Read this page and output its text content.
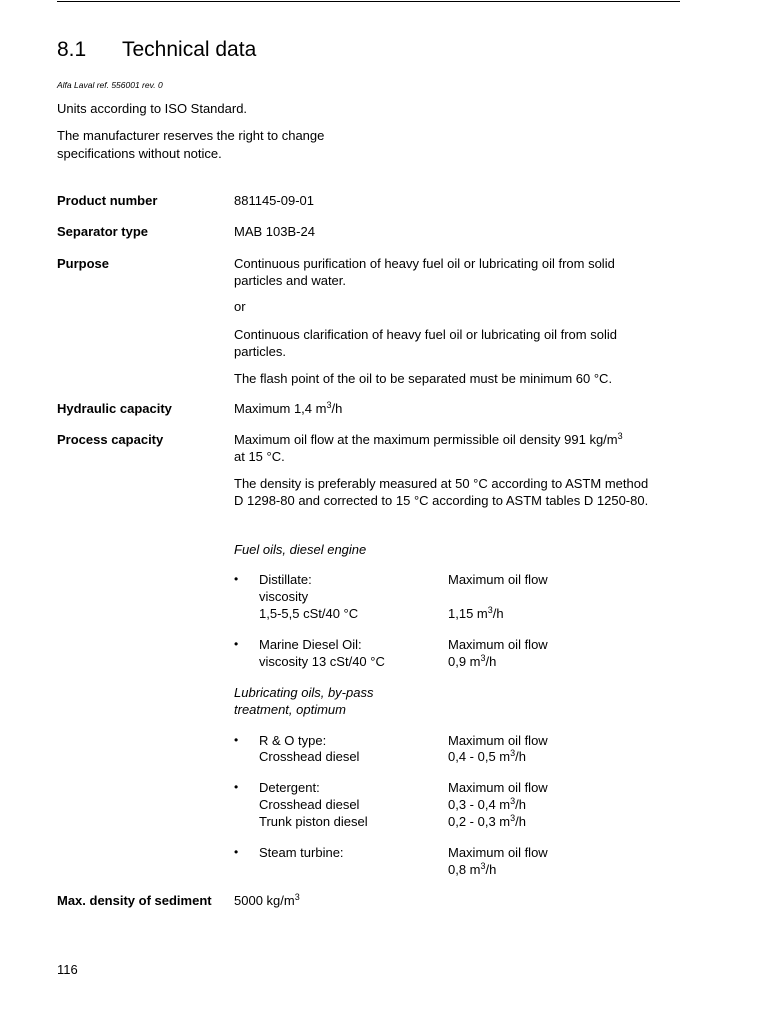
8.1 Technical data
Alfa Laval ref. 556001 rev. 0
Units according to ISO Standard.
The manufacturer reserves the right to change
specifications without notice.
Product number	881145-09-01
Separator type	MAB 103B-24
Purpose	Continuous purification of heavy fuel oil or lubricating oil from solid particles and water.
or
Continuous clarification of heavy fuel oil or lubricating oil from solid particles.
The flash point of the oil to be separated must be minimum 60 °C.
Hydraulic capacity	Maximum 1,4 $m^3/h$
Process capacity	Maximum oil flow at the maximum permissible oil density 991 $kg/m^3$
at 15 °C.
The density is preferably measured at 50 °C according to ASTM method D 1298-80 and corrected to 15 °C according to ASTM tables D 1250-80.
Fuel oils, diesel engine
• Distillate:	Maximum oil flow
viscosity
1,5-5,5 cSt/40 °C	1,15 $m^3/h$
• Marine Diesel Oil:	Maximum oil flow
viscosity 13 cSt/40 °C	0,9 $m^3/h$
Lubricating oils, by-pass
treatment, optimum
• R & O type:	Maximum oil flow
Crosshead diesel	0,4 - 0,5 $m^3/h$
• Detergent:	Maximum oil flow
Crosshead diesel	0,3 - 0,4 $m^3/h$
Trunk piston diesel	0,2 - 0,3 $m^3/h$
• Steam turbine:	Maximum oil flow
0,8 $m^3/h$
Max. density of sediment 5000 $kg/m^3$
116
